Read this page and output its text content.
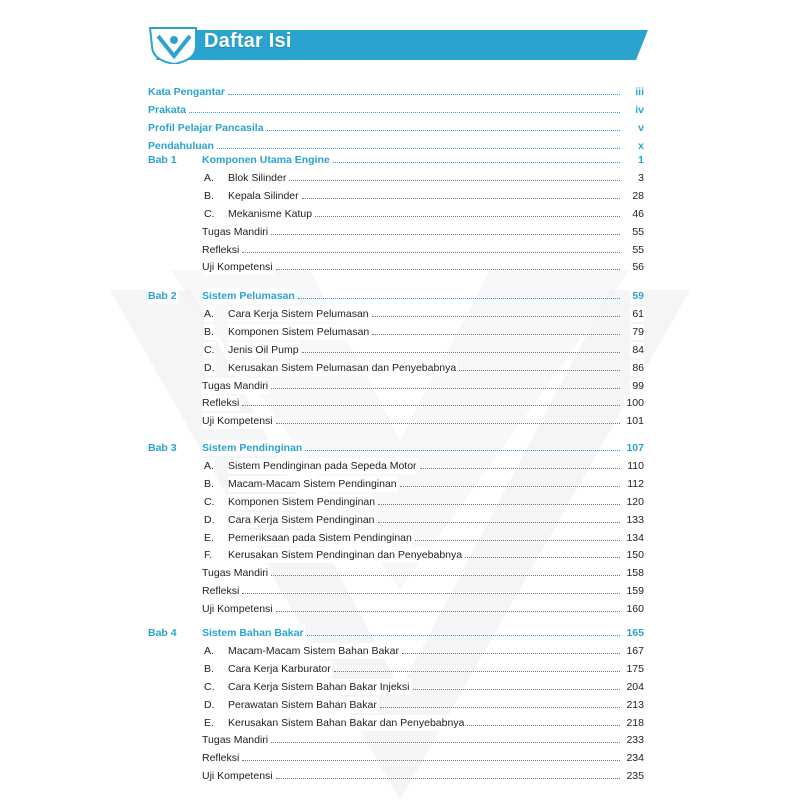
Daftar Isi
Kata Pengantar	iii
Prakata	iv
Profil Pelajar Pancasila	v
Pendahuluan	x
Bab 1 Komponen Utama Engine	1
A. Blok Silinder	3
B. Kepala Silinder	28
C. Mekanisme Katup	46
Tugas Mandiri	55
Refleksi	55
Uji Kompetensi	56
Bab 2 Sistem Pelumasan	59
A. Cara Kerja Sistem Pelumasan	61
B. Komponen Sistem Pelumasan	79
C. Jenis Oil Pump	84
D. Kerusakan Sistem Pelumasan dan Penyebabnya	86
Tugas Mandiri	99
Refleksi	100
Uji Kompetensi	101
Bab 3 Sistem Pendinginan	107
A. Sistem Pendinginan pada Sepeda Motor	110
B. Macam-Macam Sistem Pendinginan	112
C. Komponen Sistem Pendinginan	120
D. Cara Kerja Sistem Pendinginan	133
E. Pemeriksaan pada Sistem Pendinginan	134
F. Kerusakan Sistem Pendinginan dan Penyebabnya	150
Tugas Mandiri	158
Refleksi	159
Uji Kompetensi	160
Bab 4 Sistem Bahan Bakar	165
A. Macam-Macam Sistem Bahan Bakar	167
B. Cara Kerja Karburator	175
C. Cara Kerja Sistem Bahan Bakar Injeksi	204
D. Perawatan Sistem Bahan Bakar	213
E. Kerusakan Sistem Bahan Bakar dan Penyebabnya	218
Tugas Mandiri	233
Refleksi	234
Uji Kompetensi	235
